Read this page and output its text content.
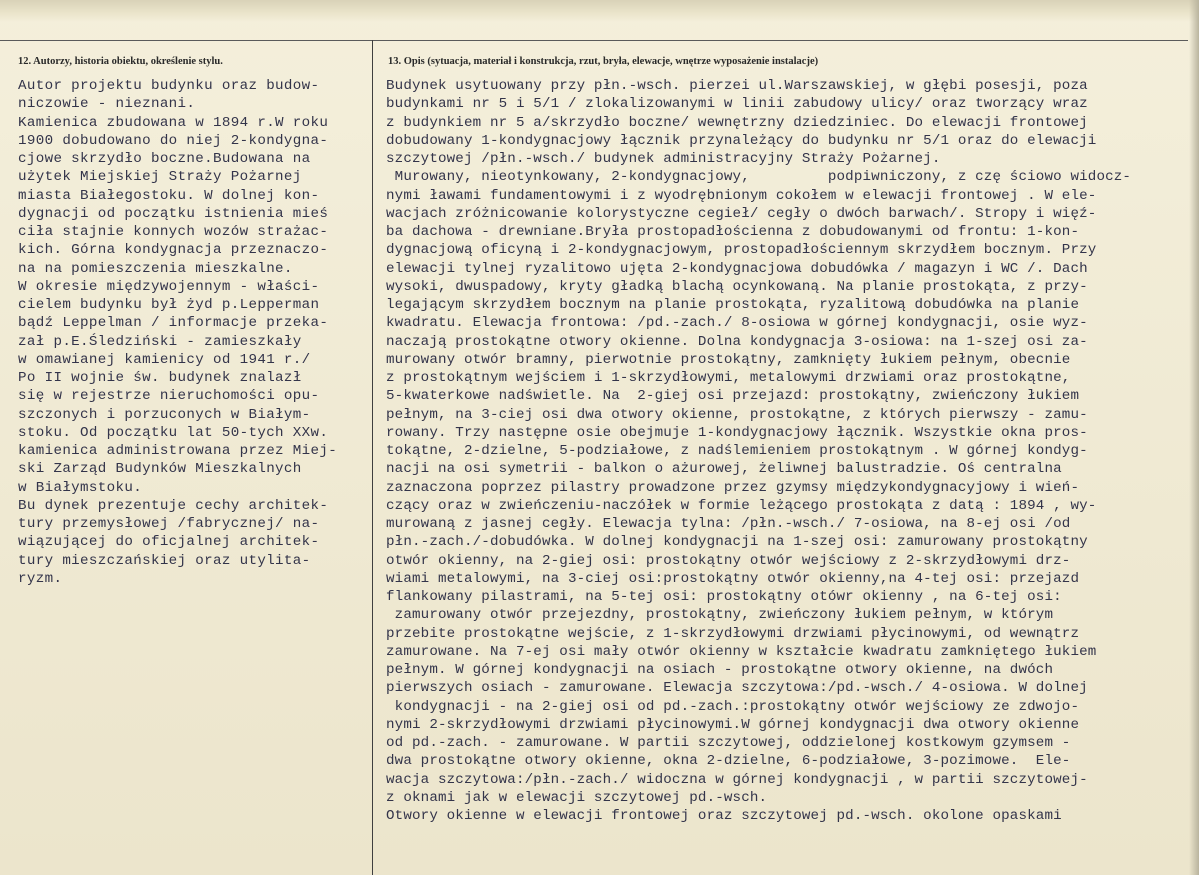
12. Autorzy, historia obiektu, określenie stylu.	13. Opis (sytuacja, materiał i konstrukcja, rzut, bryła, elewacje, wnętrze wyposażenie instalacje)
Autor projektu budynku oraz budow-
niczowie - nieznani.
Kamienica zbudowana w 1894 r.W roku
1900 dobudowano do niej 2-kondygna-
cjowe skrzydło boczne.Budowana na
użytek Miejskiej Straży Pożarnej
miasta Białegostoku. W dolnej kon-
dygnacji od początku istnienia mieś
ciła stajnie konnych wozów strażac-
kich. Górna kondygnacja przeznaczo-
na na pomieszczenia mieszkalne.
W okresie międzywojennym - właści-
cielem budynku był żyd p.Lepperman
bądź Leppelman / informacje przeka-
zał p.E.Śledziński - zamieszkały
w omawianej kamienicy od 1941 r./
Po II wojnie św. budynek znalazł
się w rejestrze nieruchomości opu-
szczonych i porzuconych w Białym-
stoku. Od początku lat 50-tych XXw.
kamienica administrowana przez Miej-
ski Zarząd Budynków Mieszkalnych
w Białymstoku.
Bu dynek prezentuje cechy architek-
tury przemysłowej /fabrycznej/ na-
wiązującej do oficjalnej architek-
tury mieszczańskiej oraz utylita-
ryzm.
Budynek usytuowany przy płn.-wsch. pierzei ul.Warszawskiej, w głębi posesji, poza
budynkami nr 5 i 5/1 / zlokalizowanymi w linii zabudowy ulicy/ oraz tworzący wraz
z budynkiem nr 5 a/skrzydło boczne/ wewnętrzny dziedziniec. Do elewacji frontowej
dobudowany 1-kondygnacjowy łącznik przynależący do budynku nr 5/1 oraz do elewacji
szczytowej /płn.-wsch./ budynek administracyjny Straży Pożarnej.
Murowany, nieotynkowany, 2-kondygnacjowy,         podpiwniczony, z czę ściowo widocz-
nymi ławami fundamentowymi i z wyodrębnionym cokołem w elewacji frontowej . W ele-
wacjach zróżnicowanie kolorystyczne cegieł/ cegły o dwóch barwach/. Stropy i więź-
ba dachowa - drewniane.Bryła prostopadłościenna z dobudowanymi od frontu: 1-kon-
dygnacjową oficyną i 2-kondygnacjowym, prostopadłościennym skrzydłem bocznym. Przy
elewacji tylnej ryzalitowo ujęta 2-kondygnacjowa dobudówka / magazyn i WC /. Dach
wysoki, dwuspadowy, kryty gładką blachą ocynkowaną. Na planie prostokąta, z przy-
legającym skrzydłem bocznym na planie prostokąta, ryzalitową dobudówka na planie
kwadratu. Elewacja frontowa: /pd.-zach./ 8-osiowa w górnej kondygnacji, osie wyz-
naczają prostokątne otwory okienne. Dolna kondygnacja 3-osiowa: na 1-szej osi za-
murowany otwór bramny, pierwotnie prostokątny, zamknięty łukiem pełnym, obecnie
z prostokątnym wejściem i 1-skrzydłowymi, metalowymi drzwiami oraz prostokątne,
5-kwaterkowe nadświetle. Na  2-giej osi przejazd: prostokątny, zwieńczony łukiem
pełnym, na 3-ciej osi dwa otwory okienne, prostokątne, z których pierwszy - zamu-
rowany. Trzy następne osie obejmuje 1-kondygnacjowy łącznik. Wszystkie okna pros-
tokątne, 2-dzielne, 5-podziałowe, z nadślemieniem prostokątnym . W górnej kondyg-
nacji na osi symetrii - balkon o ażurowej, żeliwnej balustradzie. Oś centralna
zaznaczona poprzez pilastry prowadzone przez gzymsy międzykondygnacyjowy i wień-
czący oraz w zwieńczeniu-naczółek w formie leżącego prostokąta z datą : 1894 , wy-
murowaną z jasnej cegły. Elewacja tylna: /płn.-wsch./ 7-osiowa, na 8-ej osi /od
płn.-zach./-dobudówka. W dolnej kondygnacji na 1-szej osi: zamurowany prostokątny
otwór okienny, na 2-giej osi: prostokątny otwór wejściowy z 2-skrzydłowymi drz-
wiami metalowymi, na 3-ciej osi:prostokątny otwór okienny,na 4-tej osi: przejazd
flankowany pilastrami, na 5-tej osi: prostokątny otówr okienny , na 6-tej osi:
zamurowany otwór przejezdny, prostokątny, zwieńczony łukiem pełnym, w którym
przebite prostokątne wejście, z 1-skrzydłowymi drzwiami płycinowymi, od wewnątrz
zamurowane. Na 7-ej osi mały otwór okienny w kształcie kwadratu zamkniętego łukiem
pełnym. W górnej kondygnacji na osiach - prostokątne otwory okienne, na dwóch
pierwszych osiach - zamurowane. Elewacja szczytowa:/pd.-wsch./ 4-osiowa. W dolnej
kondygnacji - na 2-giej osi od pd.-zach.:prostokątny otwór wejściowy ze zdwojo-
nymi 2-skrzydłowymi drzwiami płycinowymi.W górnej kondygnacji dwa otwory okienne
od pd.-zach. - zamurowane. W partii szczytowej, oddzielonej kostkowym gzymsem -
dwa prostokątne otwory okienne, okna 2-dzielne, 6-podziałowe, 3-pozimowe.  Ele-
wacja szczytowa:/płn.-zach./ widoczna w górnej kondygnacji , w partii szczytowej-
z oknami jak w elewacji szczytowej pd.-wsch.
Otwory okienne w elewacji frontowej oraz szczytowej pd.-wsch. okolone opaskami
